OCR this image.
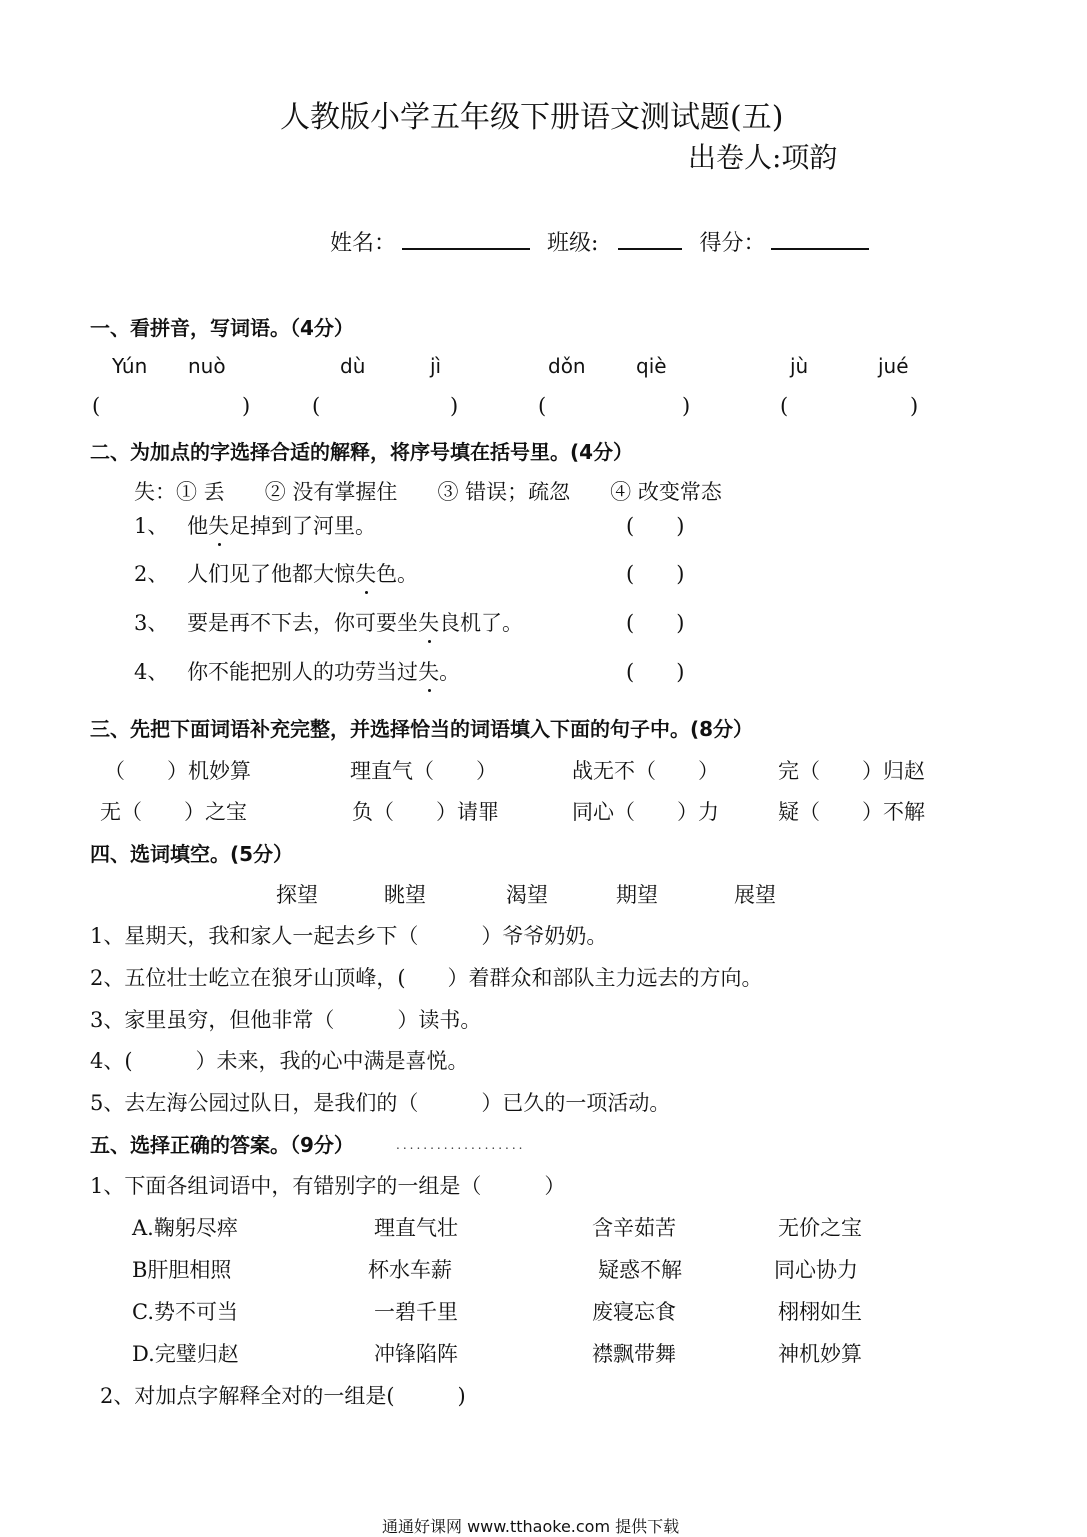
人教版小学五年级下册语文测试题(五)
出卷人:项韵
姓名：	班级:	得分：
一、看拼音，写词语。（4分）
Yún nuò	dù	jì	dǒn	qiè	jù	jué
(	)	(	)	(	)	(	)
二、为加点的字选择合适的解释，将序号填在括号里。(4分）
失：① 丢      ② 没有掌握住      ③ 错误；疏忽      ④ 改变常态
1、 他失足掉到了河里。	(　　)
2、 人们见了他都大惊失色。	(　　)
3、 要是再不下去，你可要坐失良机了。	(　　)
4、 你不能把别人的功劳当过失。	(　　)
三、先把下面词语补充完整，并选择恰当的词语填入下面的句子中。(8分）
（　　）机妙算	理直气（　　）	战无不（　　）	完（　　）归赵
无（　　）之宝	负（　　）请罪	同心（　　）力	疑（　　）不解
四、选词填空。(5分）
探望	眺望	渴望	期望	展望
1、星期天，我和家人一起去乡下（　　　）爷爷奶奶。
2、五位壮士屹立在狼牙山顶峰，(　　）着群众和部队主力远去的方向。
3、家里虽穷，但他非常（　　　）读书。
4、(　　　）未来，我的心中满是喜悦。
5、去左海公园过队日，是我们的（　　　）已久的一项活动。
五、选择正确的答案。（9分）	...................
1、下面各组词语中，有错别字的一组是（　　　）
A.鞠躬尽瘁	理直气壮	含辛茹苦	无价之宝
B肝胆相照	杯水车薪	疑惑不解	同心协力
C.势不可当	一碧千里	废寝忘食	栩栩如生
D.完璧归赵	冲锋陷阵	襟飘带舞	神机妙算
2、对加点字解释全对的一组是(　　　)
通通好课网 www.tthaoke.com 提供下载
